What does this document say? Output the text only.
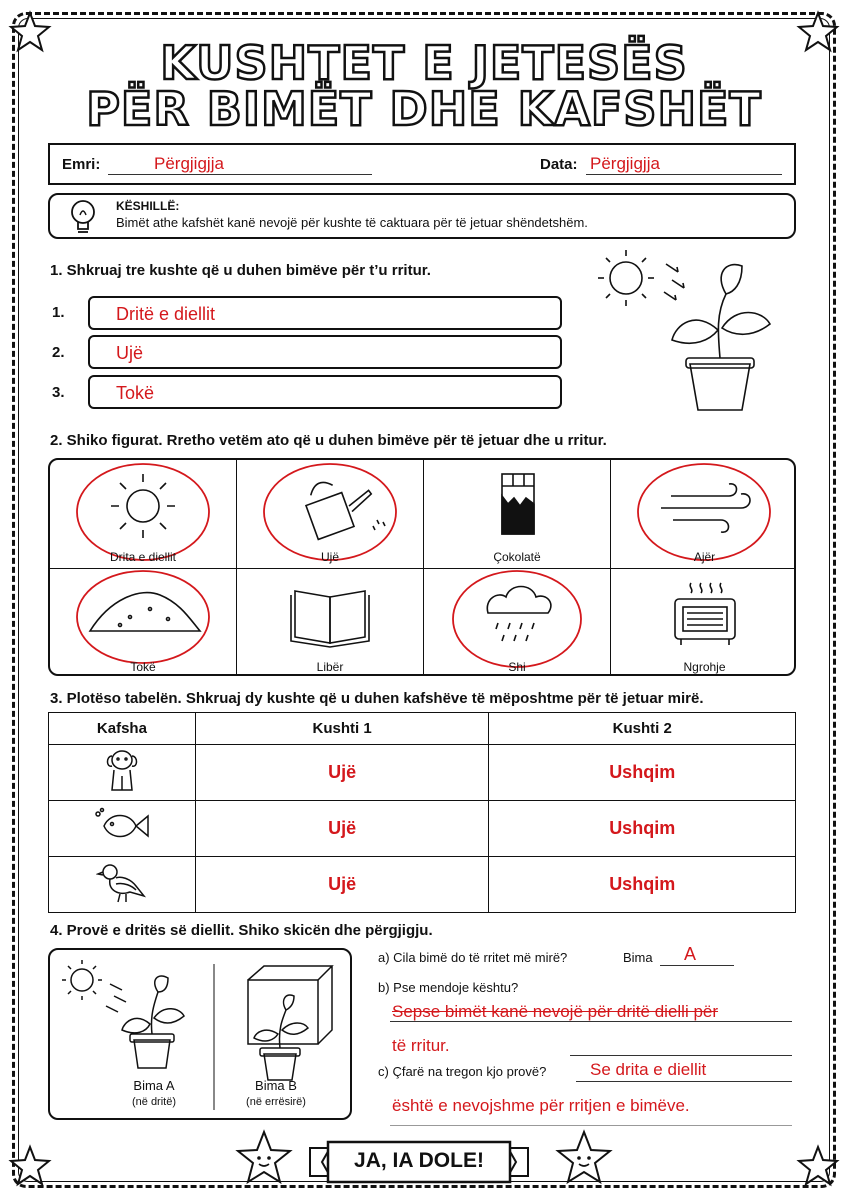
KUSHTET E JETESËS
PËR BIMËT DHE KAFSHËT
Emri:	Përgjigjja	Data: Përgjigjja
KËSHILLË:
Bimët athe kafshët kanë nevojë për kushte të caktuara për të jetuar shëndetshëm.
1. Shkruaj tre kushte që u duhen bimëve për t’u rritur.
1.	Dritë e diellit
2.	Ujë
3.	Tokë
2. Shiko figurat. Rretho vetëm ato që u duhen bimëve për të jetuar dhe u rritur.
Drita e diellit	Ujë	Çokolatë	Ajër
Tokë	Libër	Shi	Ngrohje
3. Plotëso tabelën. Shkruaj dy kushte që u duhen kafshëve të mëposhtme për të jetuar mirë.
Kafsha	Kushti 1	Kushti 2
	Ujë	Ushqim
	Ujë	Ushqim
	Ujë	Ushqim
4. Provë e dritës së diellit. Shiko skicën dhe përgjigju.
Bima A
(në dritë)
Bima B
(në errësirë)
a) Cila bimë do të rritet më mirë?	Bima A
b) Pse mendoje kështu?
Sepse bimët kanë nevojë për dritë dielli për
të rritur.
c) Çfarë na tregon kjo provë?	Se drita e diellit
është e nevojshme për rritjen e bimëve.
JA, IA DOLE!
